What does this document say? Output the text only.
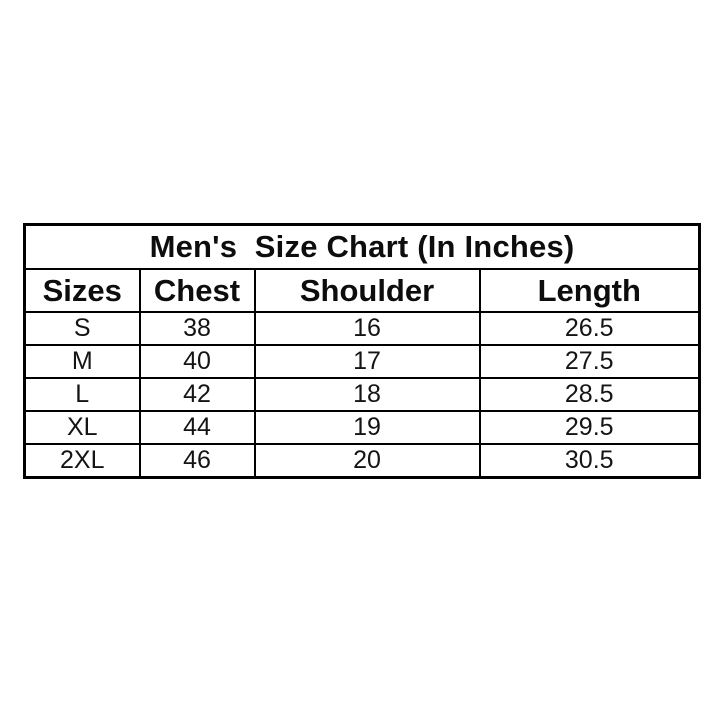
Men's  Size Chart (In Inches)			
Sizes	Chest	Shoulder	Length
S	38	16	26.5
M	40	17	27.5
L	42	18	28.5
XL	44	19	29.5
2XL	46	20	30.5
